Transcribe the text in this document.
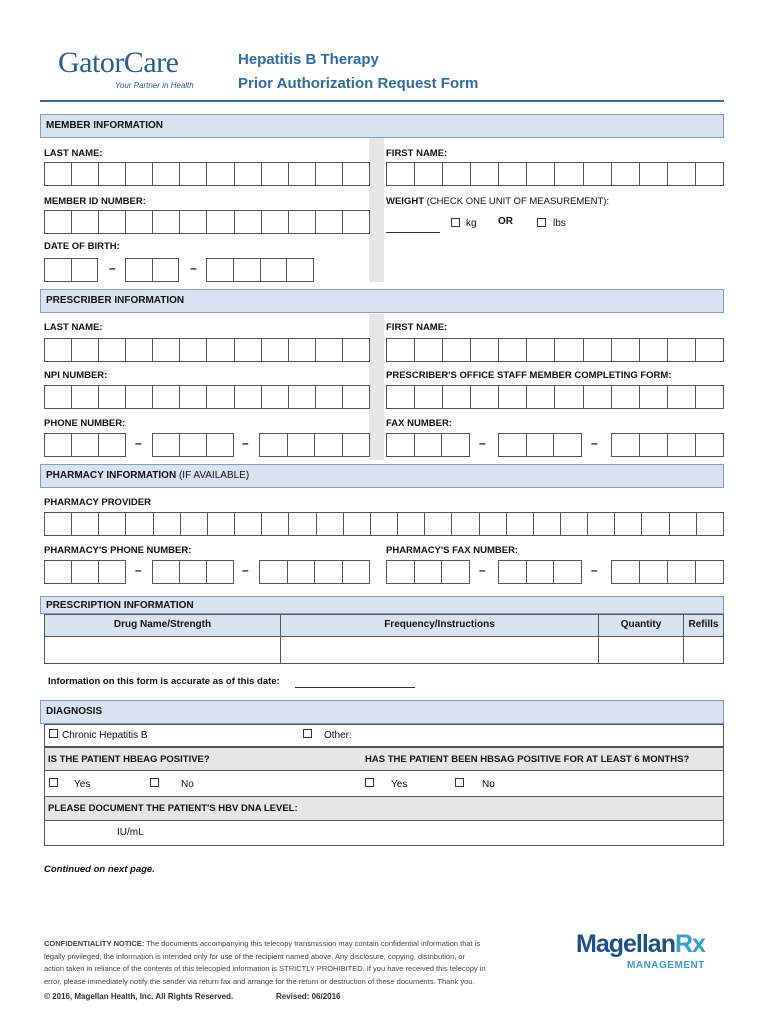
GatorCare
Your Partner in Health
Hepatitis B Therapy
Prior Authorization Request Form
MEMBER INFORMATION
LAST NAME:	FIRST NAME:
MEMBER ID NUMBER:	WEIGHT (CHECK ONE UNIT OF MEASUREMENT):
kg OR	lbs
DATE OF BIRTH:
–	–
PRESCRIBER INFORMATION
LAST NAME:	FIRST NAME:
NPI NUMBER:	PRESCRIBER'S OFFICE STAFF MEMBER COMPLETING FORM:
PHONE NUMBER:	FAX NUMBER:
–	–	–	–
PHARMACY INFORMATION (IF AVAILABLE)
PHARMACY PROVIDER
PHARMACY'S PHONE NUMBER:	PHARMACY'S FAX NUMBER:
–	–	–	–
PRESCRIPTION INFORMATION
Drug Name/Strength	Frequency/Instructions	Quantity	Refills
Information on this form is accurate as of this date:
DIAGNOSIS
Chronic Hepatitis B	Other:
IS THE PATIENT HBEAG POSITIVE?	HAS THE PATIENT BEEN HBSAG POSITIVE FOR AT LEAST 6 MONTHS?
Yes	No	Yes	No
PLEASE DOCUMENT THE PATIENT'S HBV DNA LEVEL:
IU/mL
Continued on next page.
CONFIDENTIALITY NOTICE: The documents accompanying this telecopy transmission may contain confidential information that is
legally privileged; the information is intended only for use of the recipient named above. Any disclosure, copying, distribution, or
action taken in reliance of the contents of this telecopied information is STRICTLY PROHIBITED. If you have received this telecopy in
error, please immediately notify the sender via return fax and arrange for the return or destruction of these documents. Thank you.
© 2016, Magellan Health, Inc. All Rights Reserved.	Revised: 06/2016
MagellanRx
MANAGEMENT
